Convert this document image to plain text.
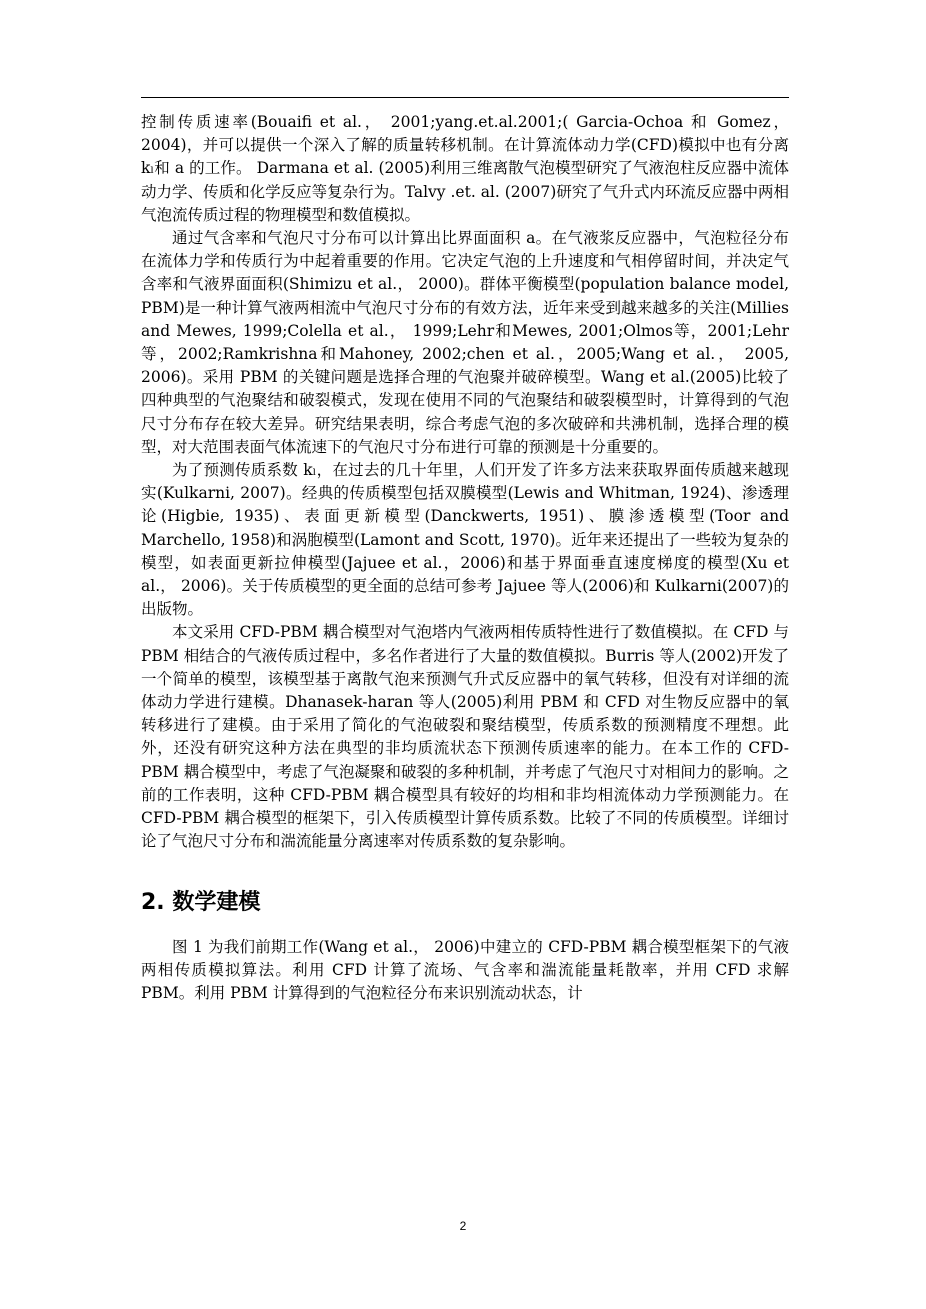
控制传质速率(Bouaifi et al.， 2001;yang.et.al.2001;( Garcia-Ochoa 和 Gomez，2004)，并可以提供一个深入了解的质量转移机制。在计算流体动力学(CFD)模拟中也有分离 kₗ和 a 的工作。 Darmana et al. (2005)利用三维离散气泡模型研究了气液泡柱反应器中流体动力学、传质和化学反应等复杂行为。Talvy .et. al. (2007)研究了气升式内环流反应器中两相气泡流传质过程的物理模型和数值模拟。

通过气含率和气泡尺寸分布可以计算出比界面面积 a。在气液浆反应器中，气泡粒径分布在流体力学和传质行为中起着重要的作用。它决定气泡的上升速度和气相停留时间，并决定气含率和气液界面面积(Shimizu et al.， 2000)。群体平衡模型(population balance model, PBM)是一种计算气液两相流中气泡尺寸分布的有效方法，近年来受到越来越多的关注(Millies and Mewes, 1999;Colella et al.， 1999;Lehr和Mewes, 2001;Olmos等，2001;Lehr等，2002;Ramkrishna和Mahoney, 2002;chen et al.，2005;Wang et al.， 2005, 2006)。采用 PBM 的关键问题是选择合理的气泡聚并破碎模型。Wang et al.(2005)比较了四种典型的气泡聚结和破裂模式，发现在使用不同的气泡聚结和破裂模型时，计算得到的气泡尺寸分布存在较大差异。研究结果表明，综合考虑气泡的多次破碎和共沸机制，选择合理的模型，对大范围表面气体流速下的气泡尺寸分布进行可靠的预测是十分重要的。

为了预测传质系数 kₗ，在过去的几十年里，人们开发了许多方法来获取界面传质越来越现实(Kulkarni, 2007)。经典的传质模型包括双膜模型(Lewis and Whitman, 1924)、渗透理论(Higbie, 1935)、表面更新模型(Danckwerts, 1951)、膜渗透模型(Toor and Marchello, 1958)和涡胞模型(Lamont and Scott, 1970)。近年来还提出了一些较为复杂的模型，如表面更新拉伸模型(Jajuee et al.，2006)和基于界面垂直速度梯度的模型(Xu et al.， 2006)。关于传质模型的更全面的总结可参考 Jajuee 等人(2006)和 Kulkarni(2007)的出版物。

本文采用 CFD-PBM 耦合模型对气泡塔内气液两相传质特性进行了数值模拟。在 CFD 与 PBM 相结合的气液传质过程中，多名作者进行了大量的数值模拟。Burris 等人(2002)开发了一个简单的模型，该模型基于离散气泡来预测气升式反应器中的氧气转移，但没有对详细的流体动力学进行建模。Dhanasek-haran 等人(2005)利用 PBM 和 CFD 对生物反应器中的氧转移进行了建模。由于采用了简化的气泡破裂和聚结模型，传质系数的预测精度不理想。此外，还没有研究这种方法在典型的非均质流状态下预测传质速率的能力。在本工作的 CFD-PBM 耦合模型中，考虑了气泡凝聚和破裂的多种机制，并考虑了气泡尺寸对相间力的影响。之前的工作表明，这种 CFD-PBM 耦合模型具有较好的均相和非均相流体动力学预测能力。在 CFD-PBM 耦合模型的框架下，引入传质模型计算传质系数。比较了不同的传质模型。详细讨论了气泡尺寸分布和湍流能量分离速率对传质系数的复杂影响。

2. 数学建模

图 1 为我们前期工作(Wang et al.， 2006)中建立的 CFD-PBM 耦合模型框架下的气液两相传质模拟算法。利用 CFD 计算了流场、气含率和湍流能量耗散率，并用 CFD 求解 PBM。利用 PBM 计算得到的气泡粒径分布来识别流动状态，计

2
